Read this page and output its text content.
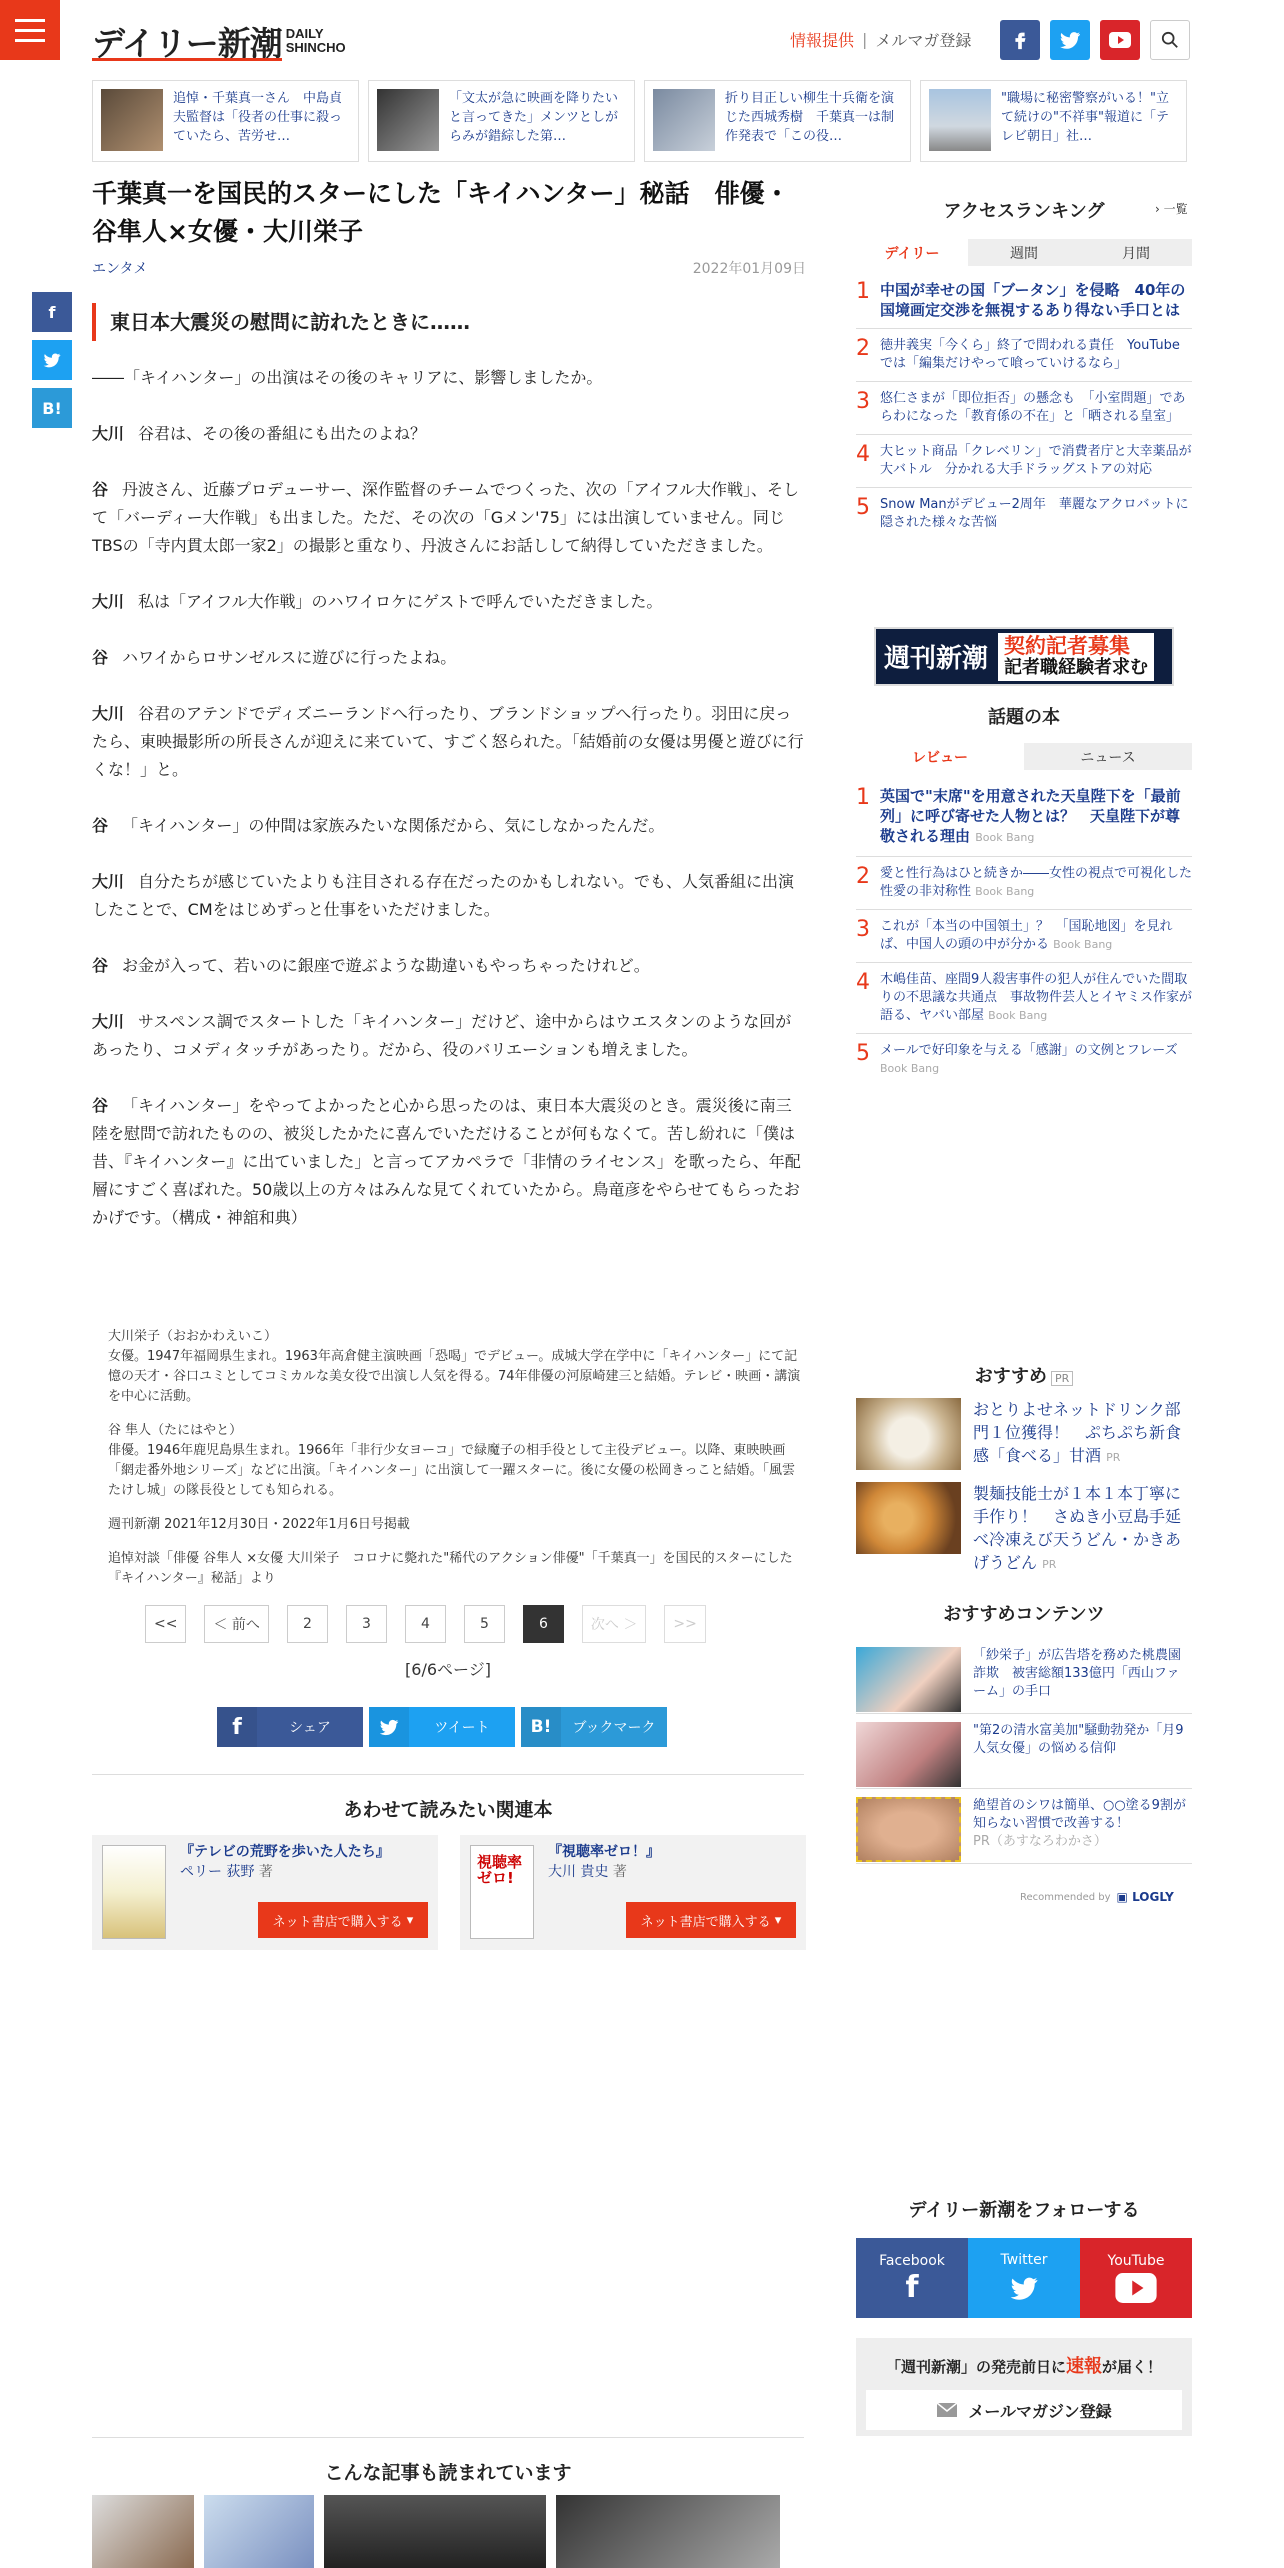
デイリー新潮 DAILY
SHINCHO	情報提供 | メルマガ登録
追悼・千葉真一さん　中島貞夫監督は「役者の仕事に殺っていたら、苦労せ…
「文太が急に映画を降りたいと言ってきた」メンツとしがらみが錯綜した第…
折り目正しい柳生十兵衛を演じた西城秀樹　千葉真一は制作発表で「この役…
"職場に秘密警察がいる！"立て続けの"不祥事"報道に「テレビ朝日」社…
千葉真一を国民的スターにした「キイハンター」秘話　俳優・谷隼人×女優・大川栄子
エンタメ	2022年01月09日
f
B!
東日本大震災の慰問に訪れたときに……

――「キイハンター」の出演はその後のキャリアに、影響しましたか。

大川 谷君は、その後の番組にも出たのよね？

谷 丹波さん、近藤プロデューサー、深作監督のチームでつくった、次の「アイフル大作戦」、そして「バーディー大作戦」も出ました。ただ、その次の「Gメン'75」には出演していません。同じTBSの「寺内貫太郎一家2」の撮影と重なり、丹波さんにお話しして納得していただきました。

大川 私は「アイフル大作戦」のハワイロケにゲストで呼んでいただきました。

谷 ハワイからロサンゼルスに遊びに行ったよね。

大川 谷君のアテンドでディズニーランドへ行ったり、ブランドショップへ行ったり。羽田に戻ったら、東映撮影所の所長さんが迎えに来ていて、すごく怒られた。「結婚前の女優は男優と遊びに行くな！」と。

谷 「キイハンター」の仲間は家族みたいな関係だから、気にしなかったんだ。

大川 自分たちが感じていたよりも注目される存在だったのかもしれない。でも、人気番組に出演したことで、CMをはじめずっと仕事をいただけました。

谷 お金が入って、若いのに銀座で遊ぶような勘違いもやっちゃったけれど。

大川 サスペンス調でスタートした「キイハンター」だけど、途中からはウエスタンのような回があったり、コメディタッチがあったり。だから、役のバリエーションも増えました。

谷 「キイハンター」をやってよかったと心から思ったのは、東日本大震災のとき。震災後に南三陸を慰問で訪れたものの、被災したかたに喜んでいただけることが何もなくて。苦し紛れに「僕は昔、『キイハンター』に出ていました」と言ってアカペラで「非情のライセンス」を歌ったら、年配層にすごく喜ばれた。50歳以上の方々はみんな見てくれていたから。鳥竜彦をやらせてもらったおかげです。（構成・神舘和典）

大川栄子（おおかわえいこ）
女優。1947年福岡県生まれ。1963年高倉健主演映画「恐喝」でデビュー。成城大学在学中に「キイハンター」にて記憶の天才・谷口ユミとしてコミカルな美女役で出演し人気を得る。74年俳優の河原崎建三と結婚。テレビ・映画・講演を中心に活動。

谷 隼人（たにはやと）
俳優。1946年鹿児島県生まれ。1966年「非行少女ヨーコ」で緑魔子の相手役として主役デビュー。以降、東映映画「網走番外地シリーズ」などに出演。「キイハンター」に出演して一躍スターに。後に女優の松岡きっこと結婚。「風雲たけし城」の隊長役としても知られる。

週刊新潮 2021年12月30日・2022年1月6日号掲載

追悼対談「俳優 谷隼人 ×女優 大川栄子　コロナに斃れた"稀代のアクション俳優"「千葉真一」を国民的スターにした『キイハンター』秘話」より

<<	＜ 前へ	2	3	4	5	6	次へ ＞	>>
[6/6ページ]
f	シェア	ツイート	B!	ブックマーク
あわせて読みたい関連本
『テレビの荒野を歩いた人たち』
ペリー 荻野 著
ネット書店で購入する ▾
視聴率
ゼロ!
『視聴率ゼロ！』
大川 貴史 著
ネット書店で購入する ▾
こんな記事も読まれています
アクセスランキング	› 一覧
デイリー	週間	月間
1 中国が幸せの国「ブータン」を侵略　40年の国境画定交渉を無視するあり得ない手口とは
2 徳井義実「今くら」終了で問われる責任　YouTubeでは「編集だけやって喰っていけるなら」
3 悠仁さまが「即位拒否」の懸念も　「小室問題」であらわになった「教育係の不在」と「晒される皇室」
4 大ヒット商品「クレベリン」で消費者庁と大幸薬品が大バトル　分かれる大手ドラッグストアの対応
5 Snow Manがデビュー2周年　華麗なアクロバットに隠された様々な苦悩
週刊新潮 契約記者募集
記者職経験者求む
話題の本
レビュー	ニュース
1 英国で"末席"を用意された天皇陛下を「最前列」に呼び寄せた人物とは？　天皇陛下が尊敬される理由 Book Bang
2 愛と性行為はひと続きか――女性の視点で可視化した性愛の非対称性 Book Bang
3 これが「本当の中国領土」？　「国恥地図」を見れば、中国人の頭の中が分かる Book Bang
4 木嶋佳苗、座間9人殺害事件の犯人が住んでいた間取りの不思議な共通点　事故物件芸人とイヤミス作家が語る、ヤバい部屋 Book Bang
5 メールで好印象を与える「感謝」の文例とフレーズ Book Bang
おすすめ PR
おとりよせネットドリンク部門１位獲得！　ぷちぷち新食感「食べる」甘酒 PR
製麺技能士が１本１本丁寧に手作り！　さぬき小豆島手延べ冷凍えび天うどん・かきあげうどん PR
おすすめコンテンツ
「紗栄子」が広告塔を務めた桃農園詐欺　被害総額133億円「西山ファーム」の手口
"第2の清水富美加"騒動勃発か「月9人気女優」の悩める信仰
絶望首のシワは簡単、○○塗る9割が知らない習慣で改善する！
PR（あすなろわかさ）
Recommended by ▣ LOGLY
デイリー新潮をフォローする
Facebook
f
Twitter	YouTube
「週刊新潮」の発売前日に速報が届く！
メールマガジン登録
